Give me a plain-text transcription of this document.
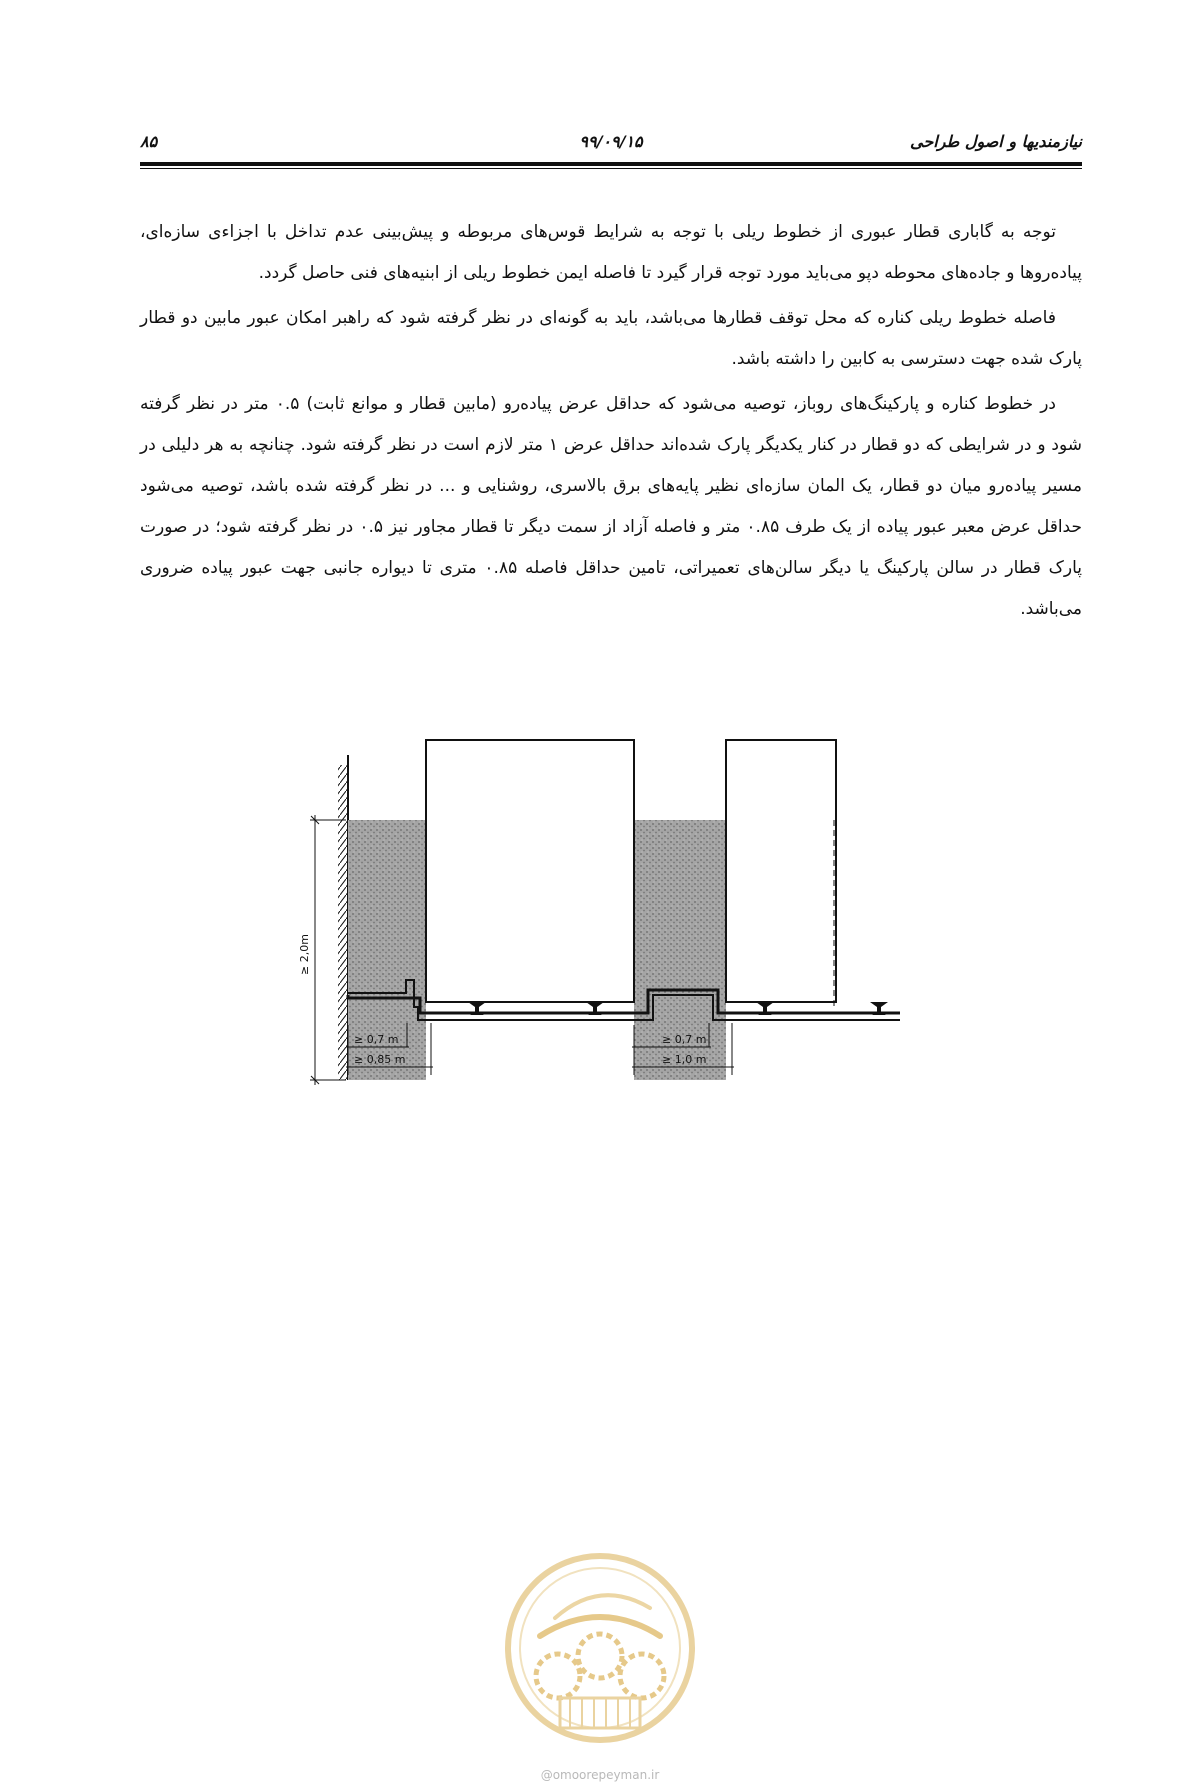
نیازمندیها و اصول طراحی
۹۹/۰۹/۱۵
۸۵

توجه به گاباری قطار عبوری از خطوط ریلی با توجه به شرایط قوس‌های مربوطه و پیش‌بینی عدم تداخل با اجزاءی سازه‌ای، پیاده‌روها و جاده‌های محوطه دپو می‌باید مورد توجه قرار گیرد تا فاصله ایمن خطوط ریلی از ابنیه‌های فنی حاصل گردد.

فاصله خطوط ریلی کناره که محل توقف قطارها می‌باشد، باید به گونه‌ای در نظر گرفته شود که راهبر امکان عبور مابین دو قطار پارک شده جهت دسترسی به کابین را داشته باشد.

در خطوط کناره و پارکینگ‌های روباز، توصیه می‌شود که حداقل عرض پیاده‌رو (مابین قطار و موانع ثابت) ۰.۵ متر در نظر گرفته شود و در شرایطی که دو قطار در کنار یکدیگر پارک شده‌اند حداقل عرض ۱ متر لازم است در نظر گرفته شود. چنانچه به هر دلیلی در مسیر پیاده‌رو میان دو قطار، یک المان سازه‌ای نظیر پایه‌های برق بالاسری، روشنایی و ... در نظر گرفته شده باشد، توصیه می‌شود حداقل عرض معبر عبور پیاده از یک طرف ۰.۸۵ متر و فاصله آزاد از سمت دیگر تا قطار مجاور نیز ۰.۵ در نظر گرفته شود؛ در صورت پارک قطار در سالن پارکینگ یا دیگر سالن‌های تعمیراتی، تامین حداقل فاصله ۰.۸۵ متری تا دیواره جانبی جهت عبور پیاده ضروری می‌باشد.

≥ 2,0m
≥ 0,7 m
≥ 0,85 m
≥ 0,7 m
≥ 1,0 m
@omoorepeyman.ir
